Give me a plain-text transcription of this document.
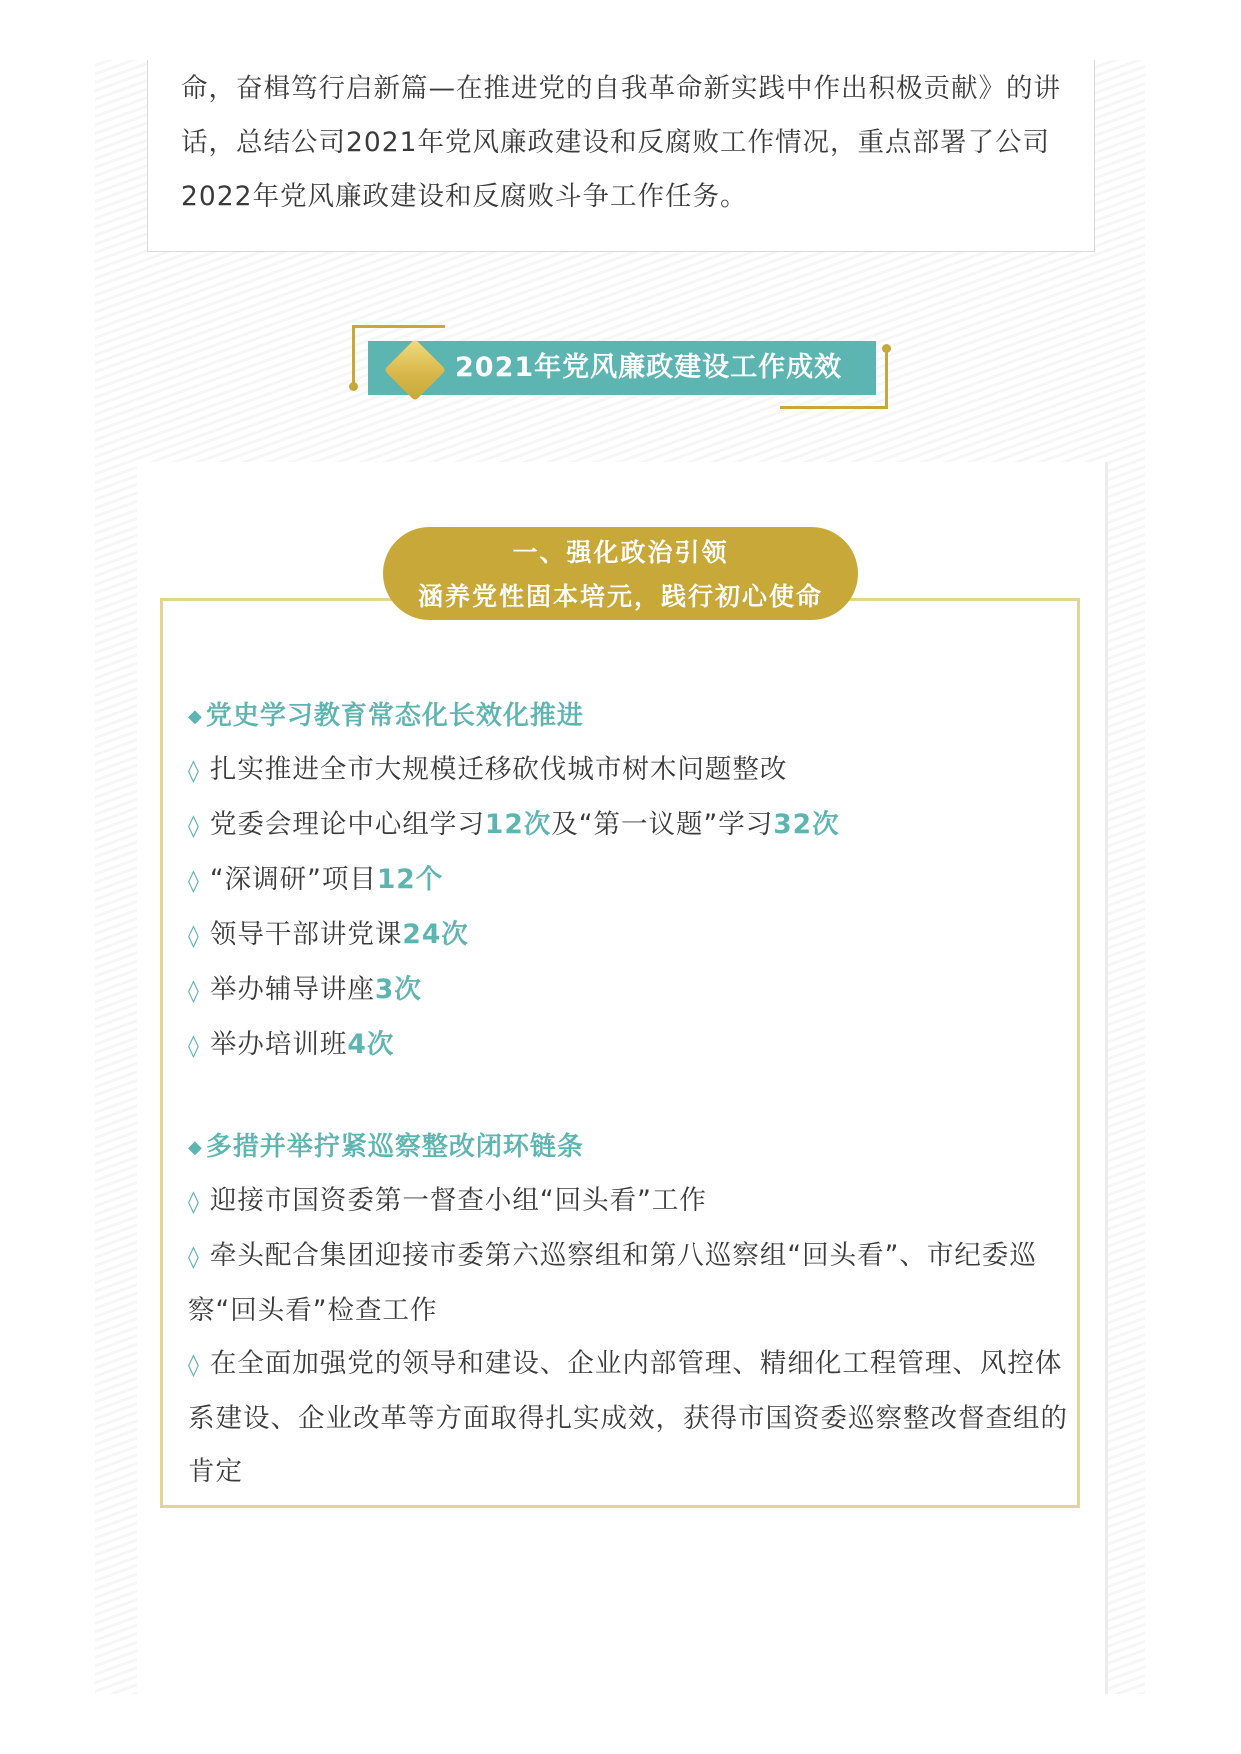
命，奋楫笃行启新篇—在推进党的自我革命新实践中作出积极贡献》的讲话，总结公司2021年党风廉政建设和反腐败工作情况，重点部署了公司2022年党风廉政建设和反腐败斗争工作任务。

2021年党风廉政建设工作成效
一、强化政治引领
涵养党性固本培元，践行初心使命
◆ 党史学习教育常态化长效化推进

◊ 扎实推进全市大规模迁移砍伐城市树木问题整改

◊ 党委会理论中心组学习12次及“第一议题”学习32次

◊ “深调研”项目12个

◊ 领导干部讲党课24次

◊ 举办辅导讲座3次

◊ 举办培训班4次

◆ 多措并举拧紧巡察整改闭环链条

◊ 迎接市国资委第一督查小组“回头看”工作

◊ 牵头配合集团迎接市委第六巡察组和第八巡察组“回头看”、市纪委巡察“回头看”检查工作

◊ 在全面加强党的领导和建设、企业内部管理、精细化工程管理、风控体系建设、企业改革等方面取得扎实成效，获得市国资委巡察整改督查组的肯定
